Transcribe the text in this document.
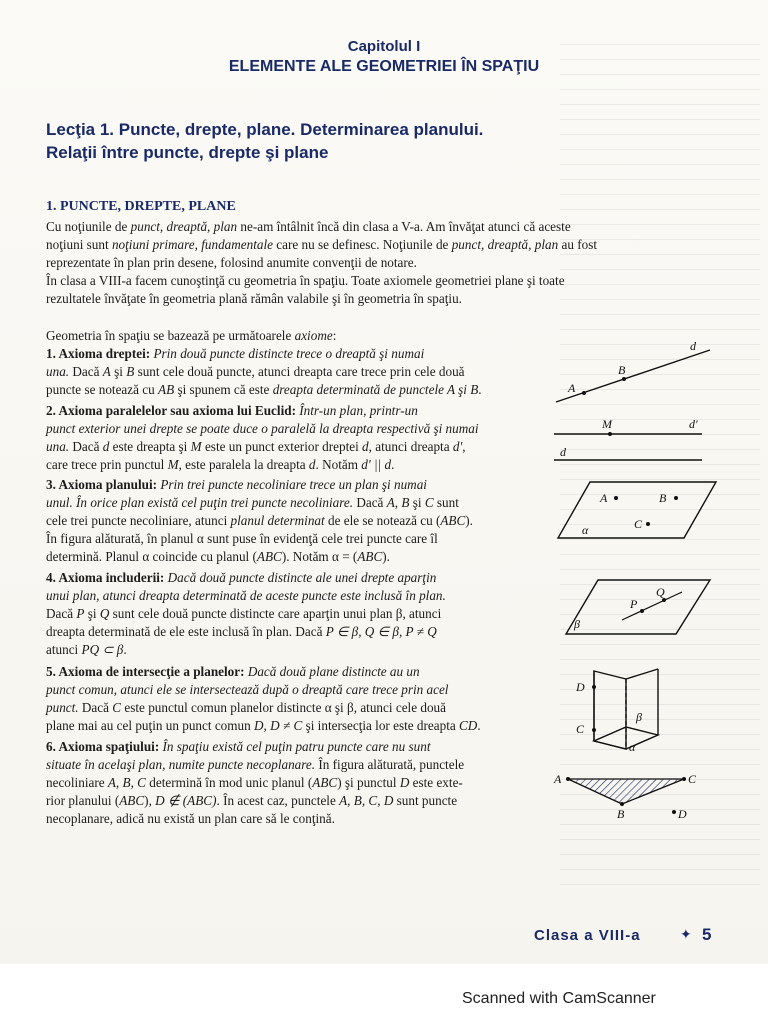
Capitolul I
ELEMENTE ALE GEOMETRIEI ÎN SPAŢIU
Lecţia 1. Puncte, drepte, plane. Determinarea planului.
Relaţii între puncte, drepte şi plane
1. PUNCTE, DREPTE, PLANE
Cu noţiunile de punct, dreaptă, plan ne-am întâlnit încă din clasa a V-a. Am învăţat atunci că aceste
noţiuni sunt noţiuni primare, fundamentale care nu se definesc. Noţiunile de punct, dreaptă, plan au fost
reprezentate în plan prin desene, folosind anumite convenţii de notare.
În clasa a VIII-a facem cunoştinţă cu geometria în spaţiu. Toate axiomele geometriei plane şi toate
rezultatele învăţate în geometria plană rămân valabile şi în geometria în spaţiu.
Geometria în spaţiu se bazează pe următoarele axiome:
1. Axioma dreptei: Prin două puncte distincte trece o dreaptă şi numai
una. Dacă A şi B sunt cele două puncte, atunci dreapta care trece prin cele două
puncte se notează cu AB şi spunem că este dreapta determinată de punctele A şi B.
2. Axioma paralelelor sau axioma lui Euclid: Într-un plan, printr-un
punct exterior unei drepte se poate duce o paralelă la dreapta respectivă şi numai
una. Dacă d este dreapta şi M este un punct exterior dreptei d, atunci dreapta d',
care trece prin punctul M, este paralela la dreapta d. Notăm d' || d.
3. Axioma planului: Prin trei puncte necoliniare trece un plan şi numai
unul. În orice plan există cel puţin trei puncte necoliniare. Dacă A, B şi C sunt
cele trei puncte necoliniare, atunci planul determinat de ele se notează cu (ABC).
În figura alăturată, în planul α sunt puse în evidenţă cele trei puncte care îl
determină. Planul α coincide cu planul (ABC). Notăm α = (ABC).
4. Axioma includerii: Dacă două puncte distincte ale unei drepte aparţin
unui plan, atunci dreapta determinată de aceste puncte este inclusă în plan.
Dacă P şi Q sunt cele două puncte distincte care aparţin unui plan β, atunci
dreapta determinată de ele este inclusă în plan. Dacă P ∈ β, Q ∈ β, P ≠ Q
atunci PQ ⊂ β.
5. Axioma de intersecţie a planelor: Dacă două plane distincte au un
punct comun, atunci ele se intersectează după o dreaptă care trece prin acel
punct. Dacă C este punctul comun planelor distincte α şi β, atunci cele două
plane mai au cel puţin un punct comun D, D ≠ C şi intersecţia lor este dreapta CD.
6. Axioma spaţiului: În spaţiu există cel puţin patru puncte care nu sunt
situate în acelaşi plan, numite puncte necoplanare. În figura alăturată, punctele
necoliniare A, B, C determină în mod unic planul (ABC) şi punctul D este exte-
rior planului (ABC), D ∉ (ABC). În acest caz, punctele A, B, C, D sunt puncte
necoplanare, adică nu există un plan care să le conţină.
A
B
d
M	d'
d
A	B
C
α
P
Q
β
D
C
β
α
A	C
B	D
Clasa a VIII-a	✦ 5
Scanned with CamScanner
